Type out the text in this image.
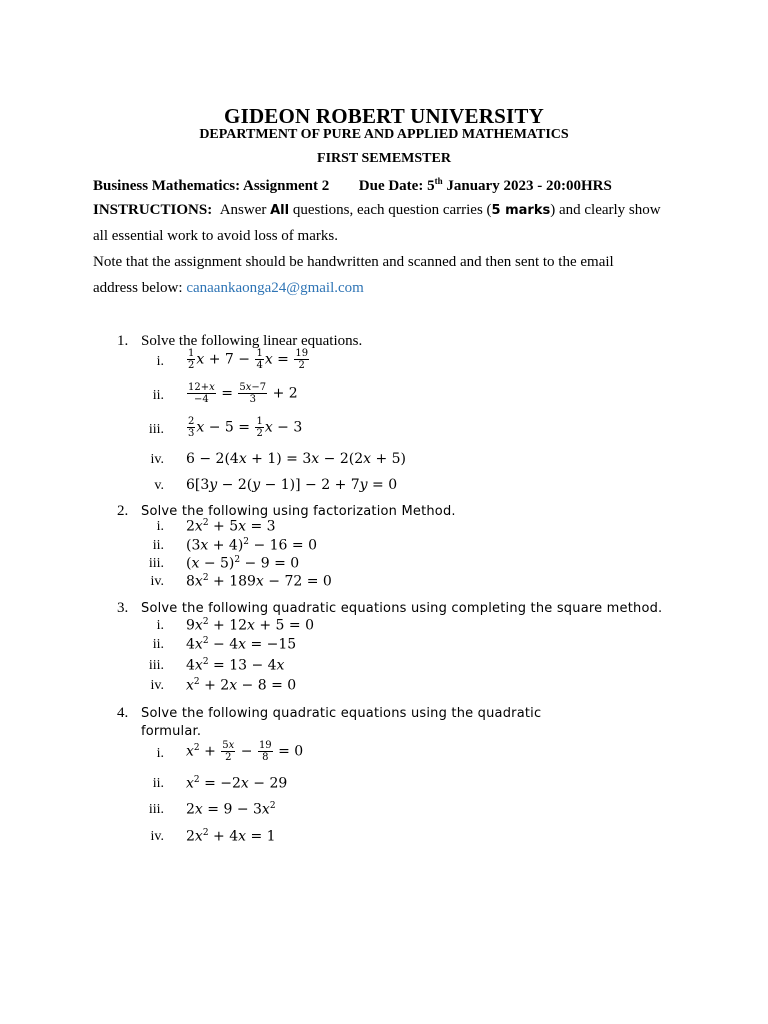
GIDEON ROBERT UNIVERSITY
DEPARTMENT OF PURE AND APPLIED MATHEMATICS
FIRST SEMEMSTER
Business Mathematics: Assignment 2 Due Date: 5th January 2023 - 20:00HRS
INSTRUCTIONS: Answer All questions, each question carries (5 marks) and clearly show
all essential work to avoid loss of marks.
Note that the assignment should be handwritten and scanned and then sent to the email
address below: canaankaonga24@gmail.com
1. Solve the following linear equations.
i. $\frac{1}{2}$ $x + 7 - \frac{1}{4}$ $x = \frac{19}{2}$
ii. $\frac{12+x}{-4} = \frac{5x-7}{3} + 2$
iii. $\frac{2}{3}$ $x - 5 = \frac{1}{2}$ x − 3
iv. 6 − 2(4x + 1) = 3x − 2(2x + 5)
v. 6[3y − 2(y − 1)] − 2 + 7y = 0
2. Solve the following using factorization Method.
i. $2x^2 + 5x = 3$
ii. $(3x + 4)^2 - 16 = 0$
iii. $(x - 5)^2 - 9 = 0$
iv. $8x^2 + 189x - 72 = 0$
3. Solve the following quadratic equations using completing the square method.
i. $9x^2 + 12x + 5 = 0$
ii. $4x^2 - 4x = -15$
iii. $4x^2 = 13 - 4x$
iv. $x^2 + 2x - 8 = 0$
4. Solve the following quadratic equations using the quadratic
formular.
i. $x^2 + \frac{5x}{2} - \frac{19}{8} = 0$
ii. $x^2 = -2x - 29$
iii. $2x = 9 - 3x^2$
iv. $2x^2 + 4x = 1$
